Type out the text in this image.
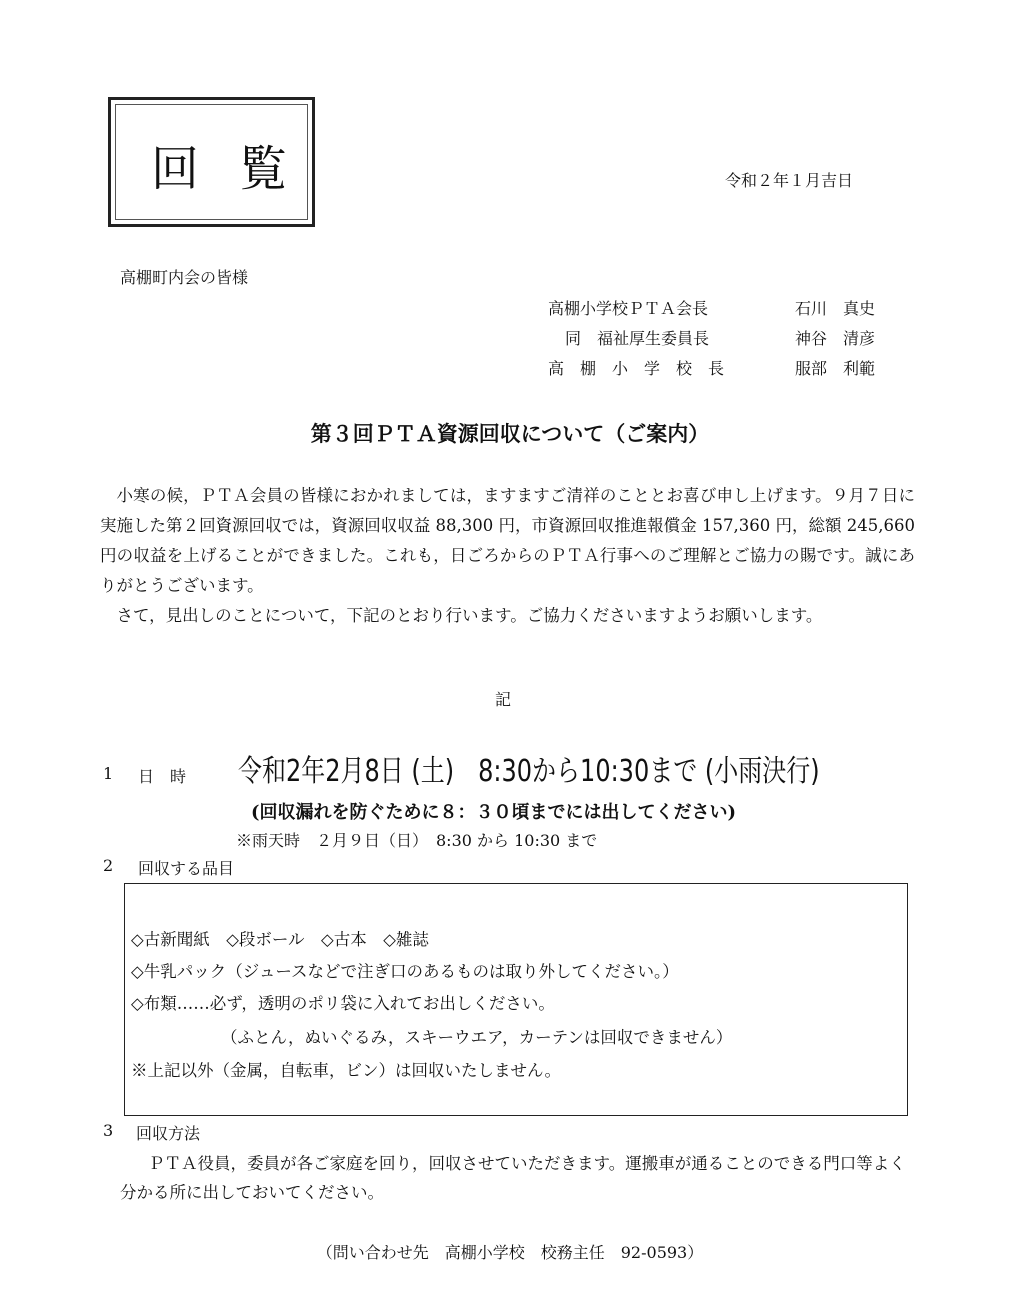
回覧	令和２年１月吉日
高棚町内会の皆様
高棚小学校ＰＴＡ会長	石川　真史
同　福祉厚生委員長	神谷　清彦
高　棚　小　学　校　長	服部　利範
第３回ＰＴＡ資源回収について（ご案内）

小寒の候，ＰＴＡ会員の皆様におかれましては，ますますご清祥のこととお喜び申し上げます。９月７日に実施した第２回資源回収では，資源回収収益 88,300 円，市資源回収推進報償金 157,360 円，総額 245,660 円の収益を上げることができました。これも，日ごろからのＰＴＡ行事へのご理解とご協力の賜です。誠にありがとうございます。

さて，見出しのことについて，下記のとおり行います。ご協力くださいますようお願いします。

記
1 日　時 令和2年2月8日 (土)　8:30から10:30まで (小雨決行)
(回収漏れを防ぐために８：３０頃までには出してください)
※雨天時　２月９日（日）　8:30 から 10:30 まで
2 回収する品目
◇古新聞紙　◇段ボール　◇古本　◇雑誌
◇牛乳パック（ジュースなどで注ぎ口のあるものは取り外してください。）
◇布類……必ず，透明のポリ袋に入れてお出しください。
（ふとん，ぬいぐるみ，スキーウエア，カーテンは回収できません）
※上記以外（金属，自転車，ビン）は回収いたしません。
3 回収方法

ＰＴＡ役員，委員が各ご家庭を回り，回収させていただきます。運搬車が通ることのできる門口等よく分かる所に出しておいてください。

（問い合わせ先　高棚小学校　校務主任　92-0593）
